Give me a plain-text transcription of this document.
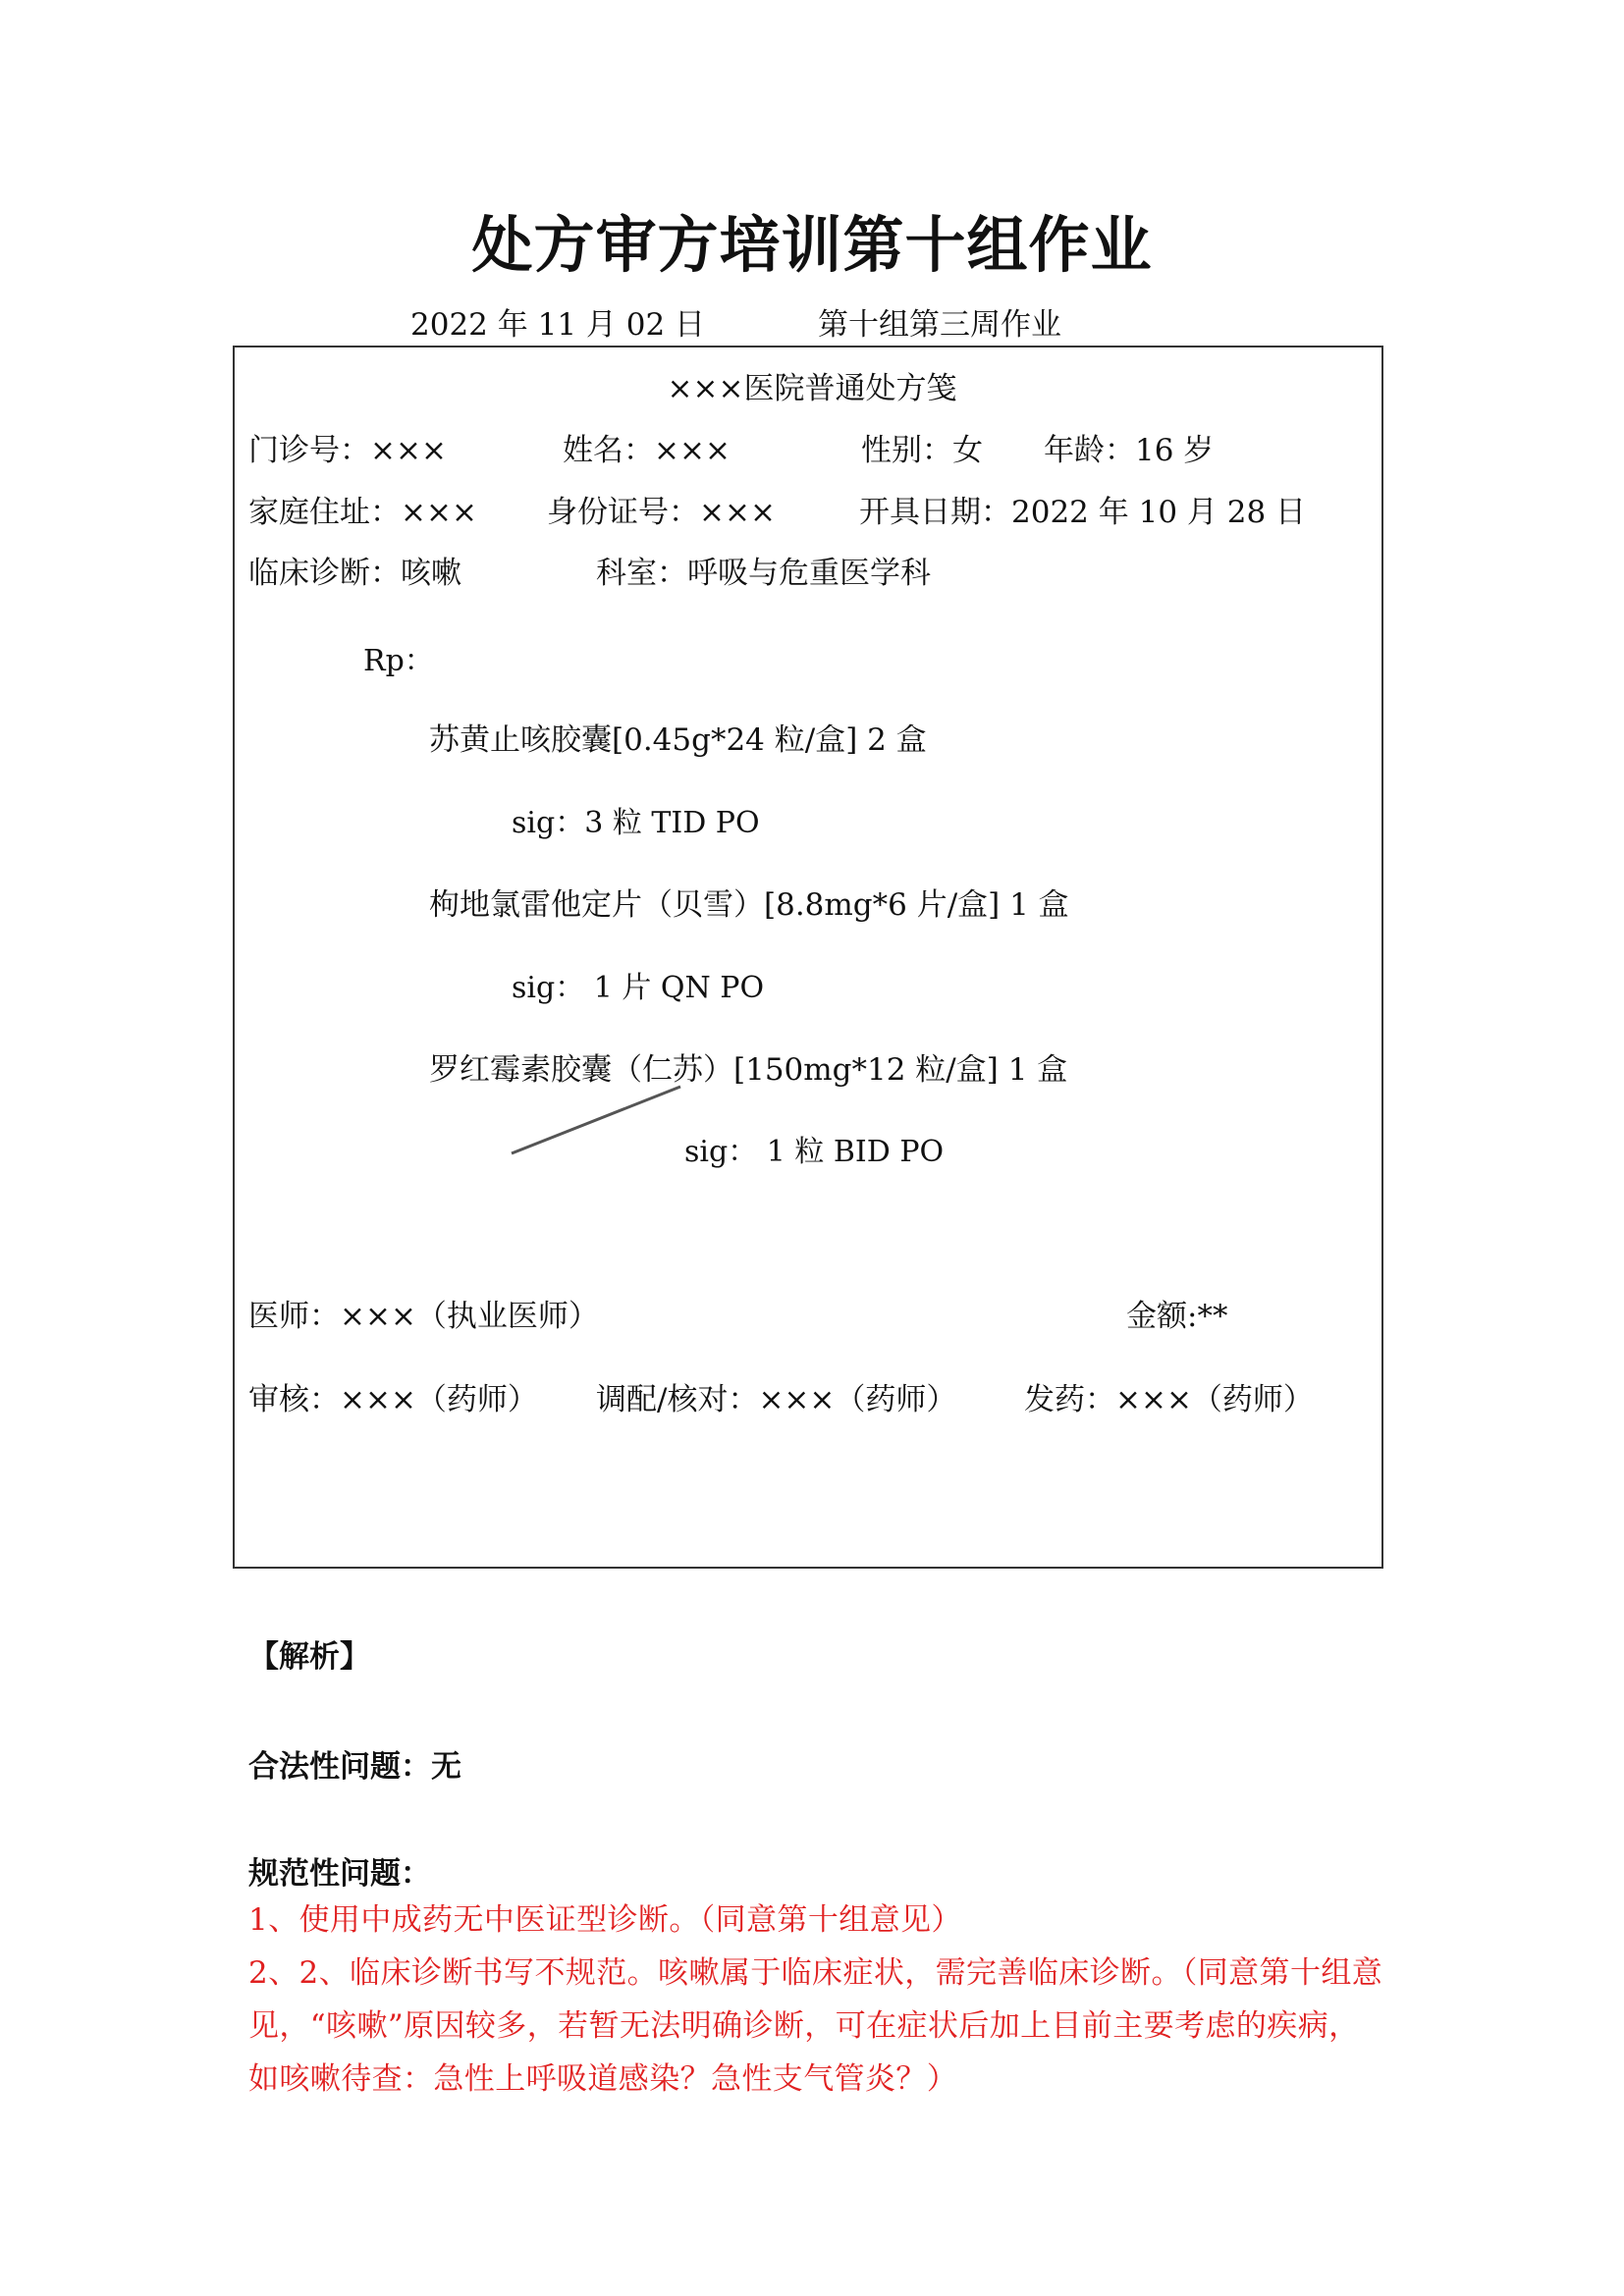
处方审方培训第十组作业
2022 年 11 月 02 日	第十组第三周作业
×××医院普通处方笺
门诊号：×××	姓名：×××	性别：女 年龄：16 岁
家庭住址：××× 身份证号：×××	开具日期：2022 年 10 月 28 日
临床诊断：咳嗽	科室：呼吸与危重医学科
Rp：
苏黄止咳胶囊[0.45g*24 粒/盒] 2 盒
sig：3 粒 TID PO
枸地氯雷他定片（贝雪）[8.8mg*6 片/盒] 1 盒
sig： 1 片 QN PO
罗红霉素胶囊（仁苏）[150mg*12 粒/盒] 1 盒
sig： 1 粒 BID PO
医师：×××（执业医师）	金额:**
审核：×××（药师） 调配/核对：×××（药师） 发药：×××（药师）
【解析】
合法性问题：无
规范性问题：
1、使用中成药无中医证型诊断。（同意第十组意见）
2、2、临床诊断书写不规范。咳嗽属于临床症状，需完善临床诊断。（同意第十组意见，“咳嗽”原因较多，若暂无法明确诊断，可在症状后加上目前主要考虑的疾病，如咳嗽待查：急性上呼吸道感染？急性支气管炎？）
